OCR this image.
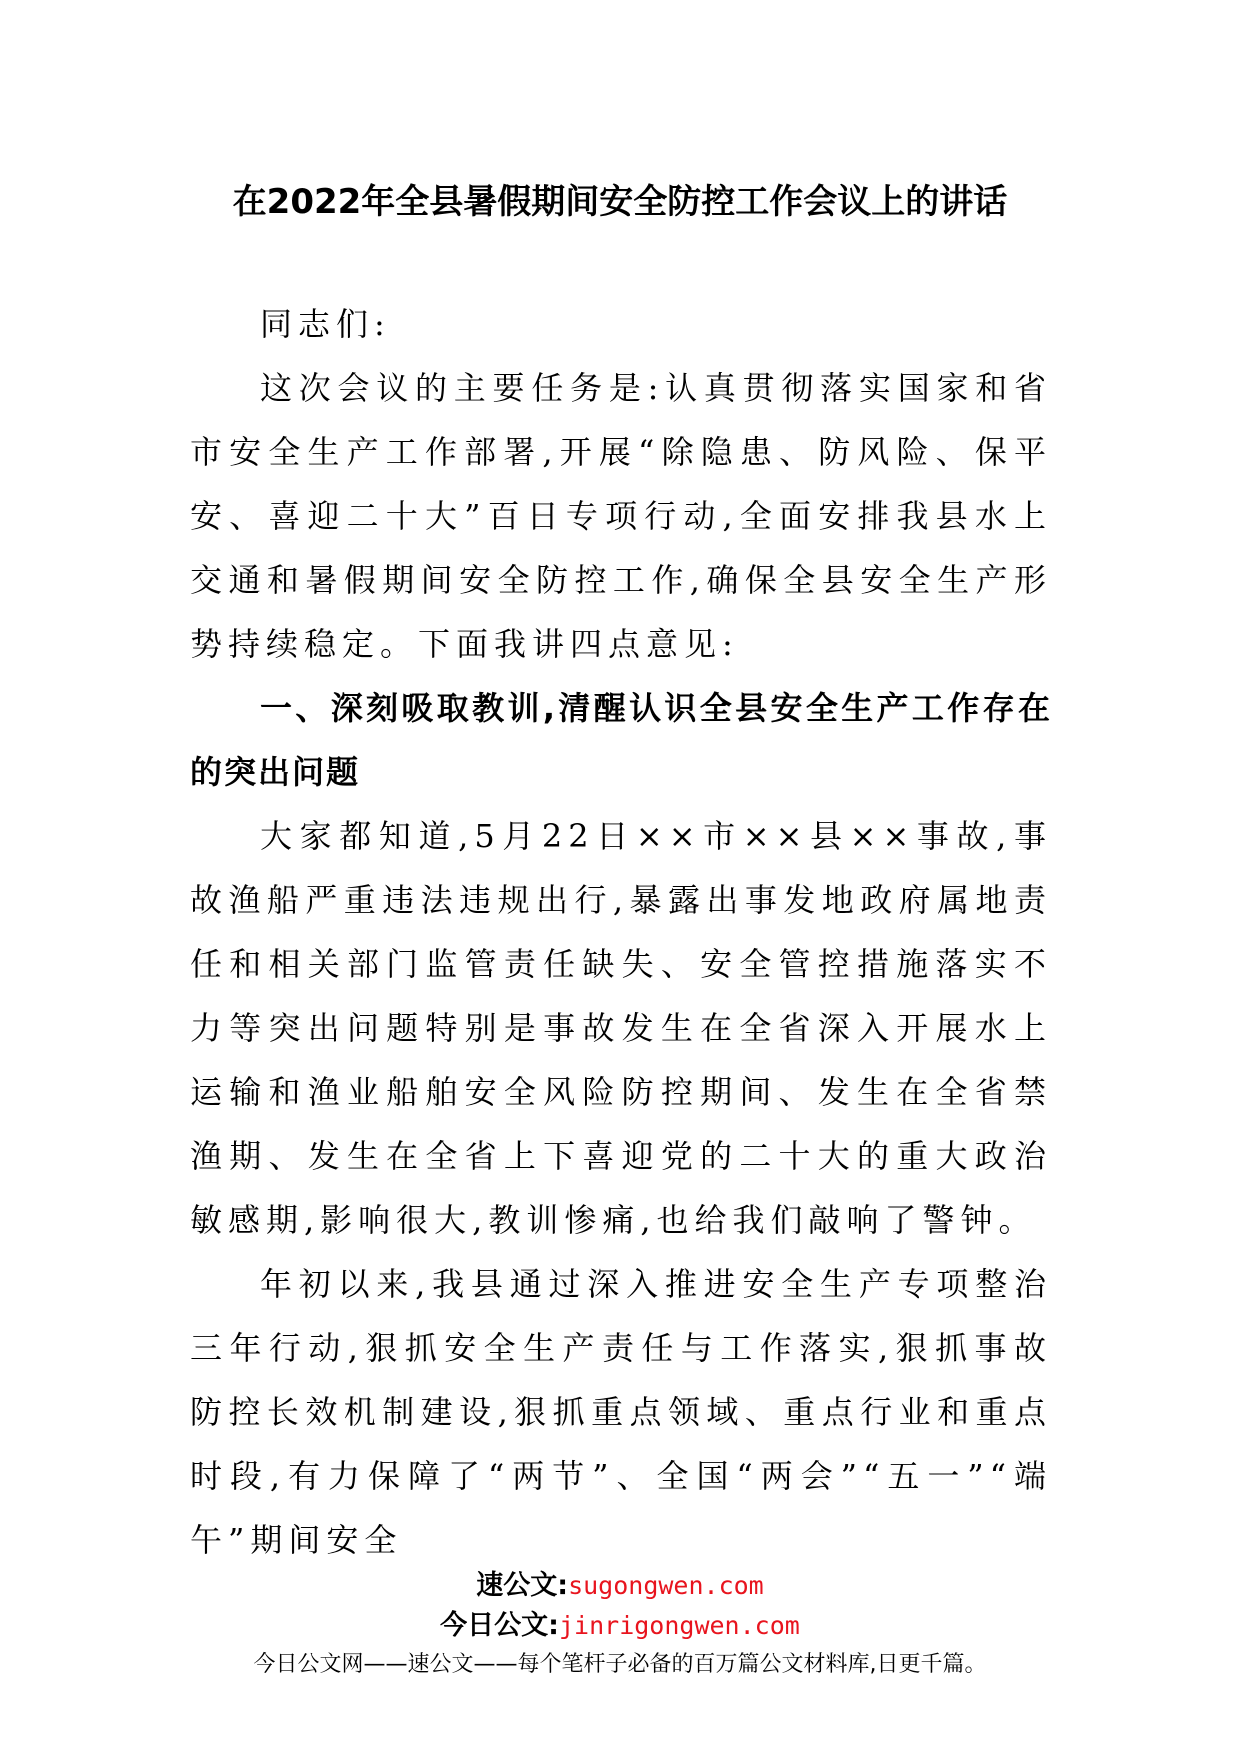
在2022年全县暑假期间安全防控工作会议上的讲话

同志们:

这次会议的主要任务是:认真贯彻落实国家和省市安全生产工作部署,开展“除隐患、防风险、保平安、喜迎二十大”百日专项行动,全面安排我县水上交通和暑假期间安全防控工作,确保全县安全生产形势持续稳定。下面我讲四点意见:

一、深刻吸取教训,清醒认识全县安全生产工作存在的突出问题

大家都知道,5月22日××市××县××事故,事故渔船严重违法违规出行,暴露出事发地政府属地责任和相关部门监管责任缺失、安全管控措施落实不力等突出问题特别是事故发生在全省深入开展水上运输和渔业船舶安全风险防控期间、发生在全省禁渔期、发生在全省上下喜迎党的二十大的重大政治敏感期,影响很大,教训惨痛,也给我们敲响了警钟。

年初以来,我县通过深入推进安全生产专项整治三年行动,狠抓安全生产责任与工作落实,狠抓事故防控长效机制建设,狠抓重点领域、重点行业和重点时段,有力保障了“两节”、全国“两会”“五一”“端午”期间安全

速公文:sugongwen.com
今日公文:jinrigongwen.com
今日公文网——速公文——每个笔杆子必备的百万篇公文材料库,日更千篇。
